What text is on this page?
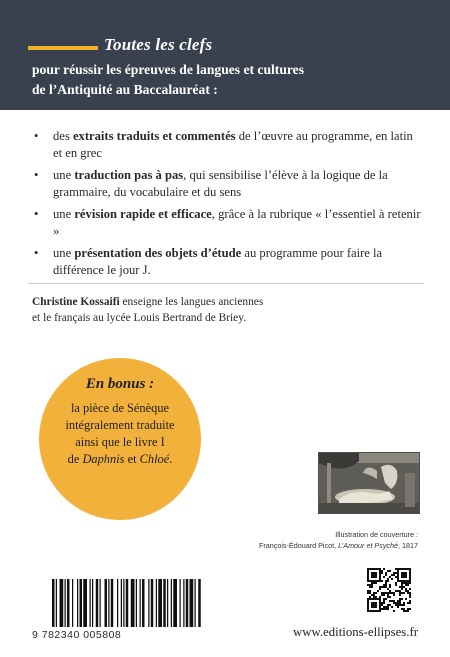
Toutes les clefs
pour réussir les épreuves de langues et cultures
de l’Antiquité au Baccalauréat :
• des extraits traduits et commentés de l’œuvre au programme, en latin et en grec
• une traduction pas à pas, qui sensibilise l’élève à la logique de la grammaire, du vocabulaire et du sens
• une révision rapide et efficace, grâce à la rubrique « l’essentiel à retenir »
• une présentation des objets d’étude au programme pour faire la différence le jour J.
Christine Kossaifi enseigne les langues anciennes
et le français au lycée Louis Bertrand de Briey.
En bonus :
la pièce de Sénèque
intégralement traduite
ainsi que le livre I
de Daphnis et Chloé.
Illustration de couverture :
François-Édouard Picot, L’Amour et Psyché, 1817
9 782340 005808	www.editions-ellipses.fr
